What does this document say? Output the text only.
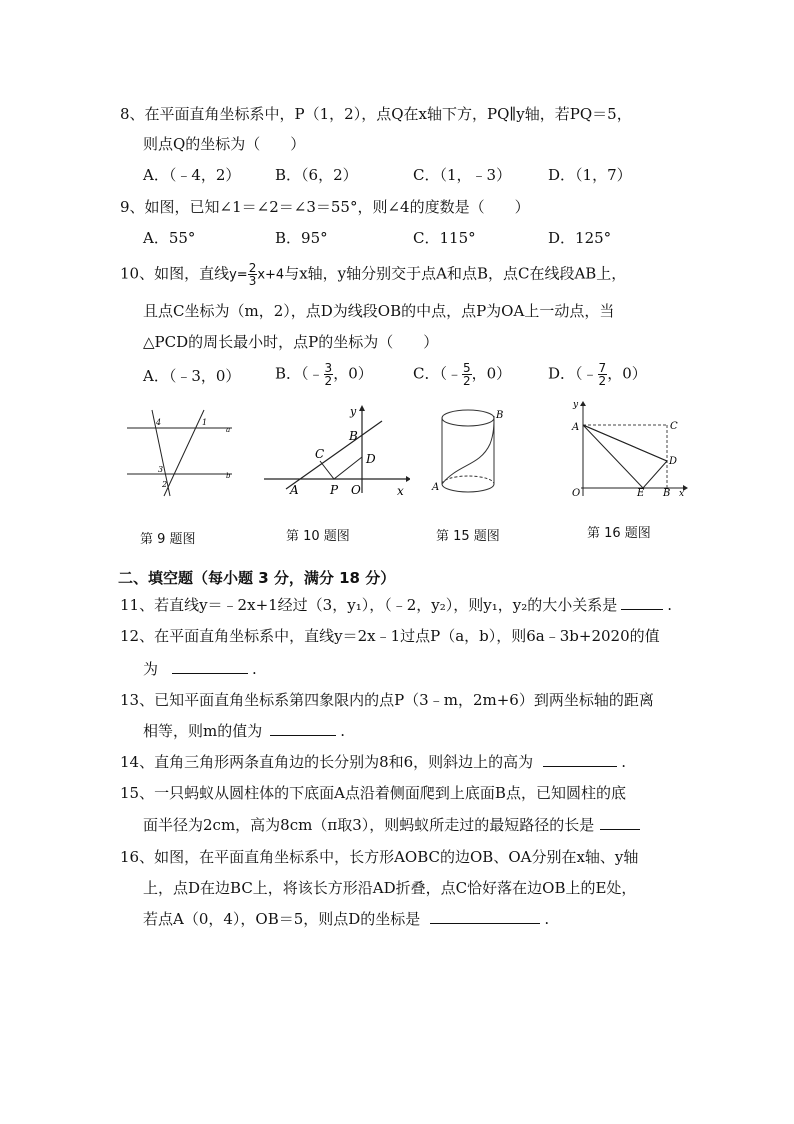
8、在平面直角坐标系中，P（1，2），点Q在x轴下方，PQ∥y轴，若PQ＝5，
则点Q的坐标为（　　）
A．（﹣4，2） B．（6，2）	C．（1，﹣3） D．（1，7）
9、如图，已知∠1＝∠2＝∠3＝55°，则∠4的度数是（　　）
A．55°	B．95°	C．115°	D．125°
10、如图，直线$y= \frac{2}{3} x+4$与x轴，y轴分别交于点A和点B，点C在线段AB上，
且点C坐标为（m，2），点D为线段OB的中点，点P为OA上一动点，当
△PCD的周长最小时，点P的坐标为（　　）
A．（﹣3，0） B．（﹣ $\frac{3}{2}$ ，0）	C．（﹣ $\frac{5}{2}$ ，0） D．（﹣ $\frac{7}{2}$ ，0）
4	1
a
3
2
b
y
B
C	D
A	P O	x
B
A
y
A	C
D
O	E B x
第 9 题图	第 10 题图	第 15 题图	第 16 题图
二、填空题（每小题 3 分，满分 18 分）
11、若直线y＝﹣2x+1经过（3，y₁），（﹣2，y₂），则y₁，y₂的大小关系是	.
12、在平面直角坐标系中，直线y＝2x﹣1过点P（a，b），则6a﹣3b+2020的值
为	.
13、已知平面直角坐标系第四象限内的点P（3﹣m，2m+6）到两坐标轴的距离
相等，则m的值为	.
14、直角三角形两条直角边的长分别为8和6，则斜边上的高为	.
15、一只蚂蚁从圆柱体的下底面A点沿着侧面爬到上底面B点，已知圆柱的底
面半径为2cm，高为8cm（π取3），则蚂蚁所走过的最短路径的长是
16、如图，在平面直角坐标系中，长方形AOBC的边OB、OA分别在x轴、y轴
上，点D在边BC上，将该长方形沿AD折叠，点C恰好落在边OB上的E处，
若点A（0，4），OB＝5，则点D的坐标是	.
